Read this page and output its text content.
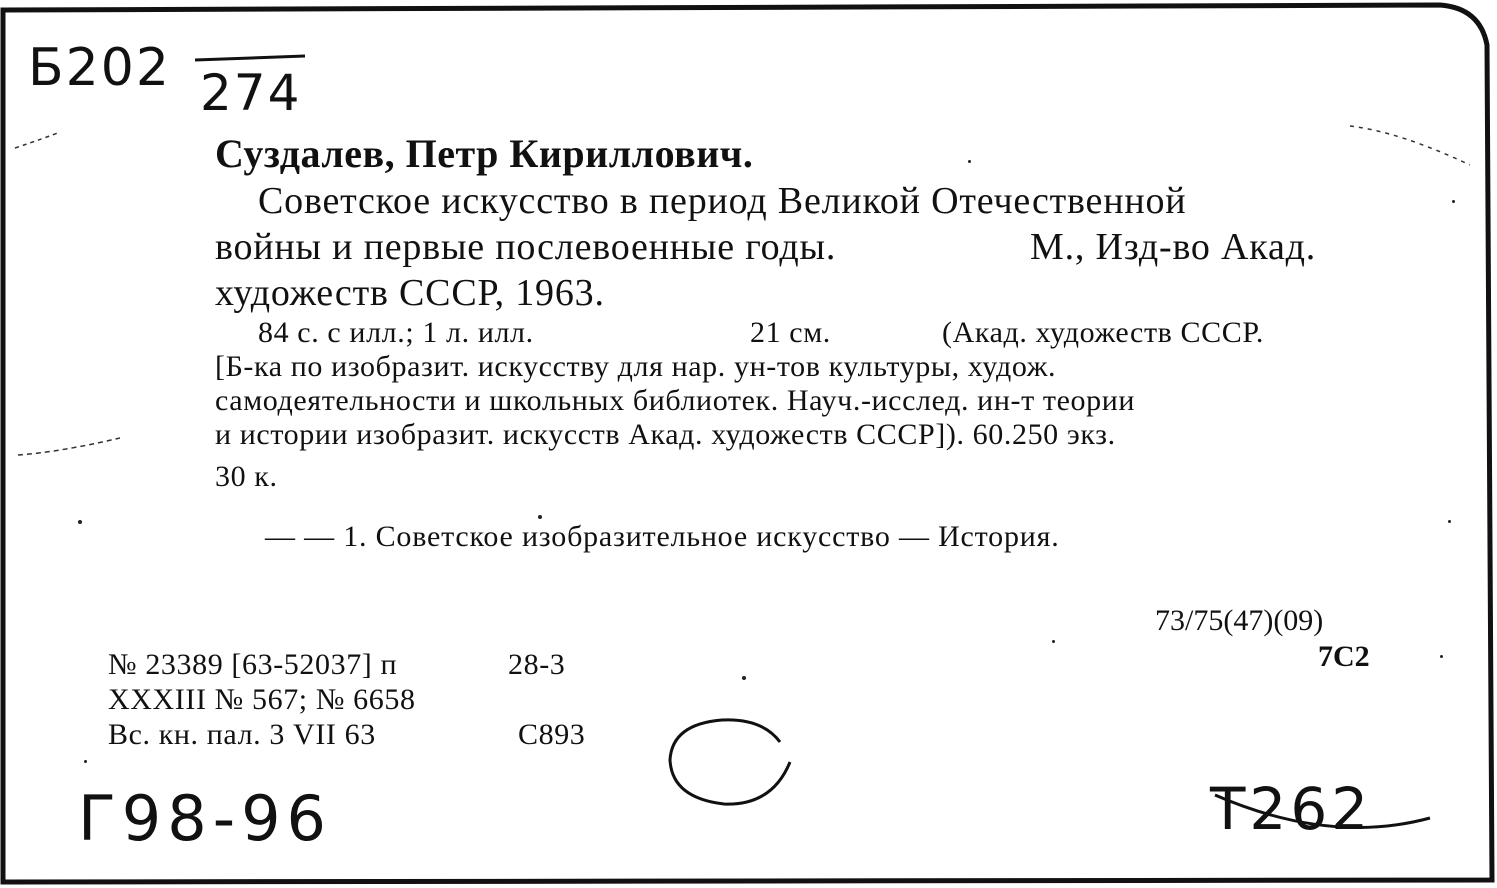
Б202 274
Суздалев, Петр Кириллович.
Советское искусство в период Великой Отечественной
войны и первые послевоенные годы.	М., Изд-во Акад.
художеств СССР, 1963.
84 с. с илл.; 1 л. илл.	21 см.	(Акад. художеств СССР.
[Б-ка по изобразит. искусству для нар. ун-тов культуры, худож.
самодеятельности и школьных библиотек. Науч.-исслед. ин-т теории
и истории изобразит. искусств Акад. художеств СССР]). 60.250 экз.
30 к.
— — 1. Советское изобразительное искусство — История.
73/75(47)(09)
7С2
№ 23389 [63-52037] п	28-3
XXXIII № 567; № 6658
Вс. кн. пал. 3 VII 63	С893
Г98-96	Т262
